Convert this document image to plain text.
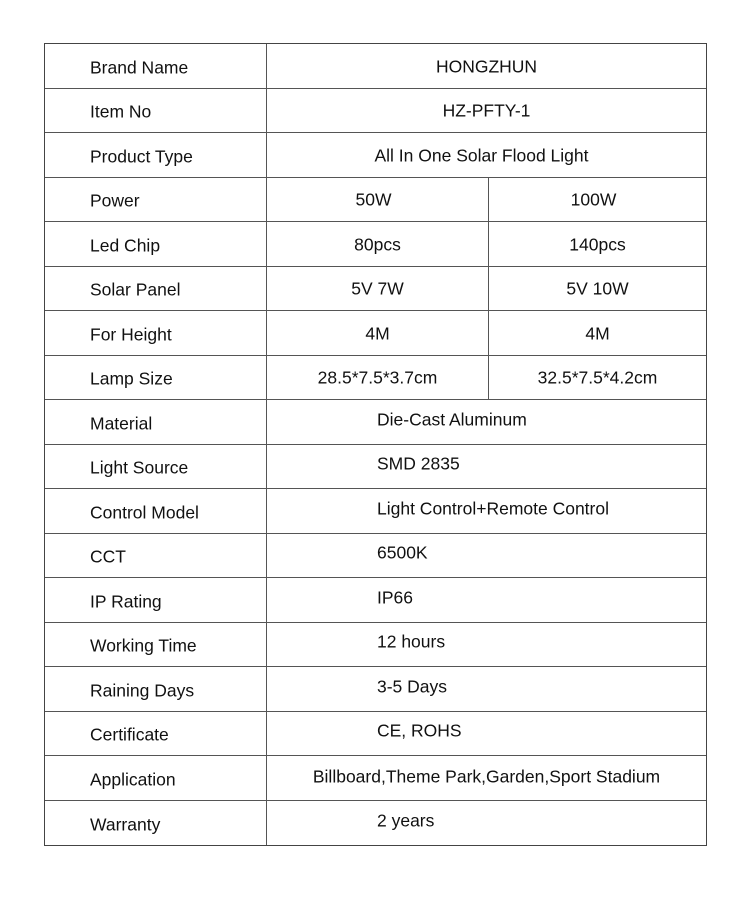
Brand Name	HONGZHUN
Item No	HZ-PFTY-1
Product Type	All In One Solar Flood Light
Power	50W	100W
Led Chip	80pcs	140pcs
Solar Panel	5V 7W	5V 10W
For Height	4M	4M
Lamp Size	28.5*7.5*3.7cm	32.5*7.5*4.2cm
Material	Die-Cast Aluminum
Light Source	SMD 2835
Control Model	Light Control+Remote Control
CCT	6500K
IP Rating	IP66
Working Time	12 hours
Raining Days	3-5 Days
Certificate	CE, ROHS
Application	Billboard,Theme Park,Garden,Sport Stadium
Warranty	2 years
